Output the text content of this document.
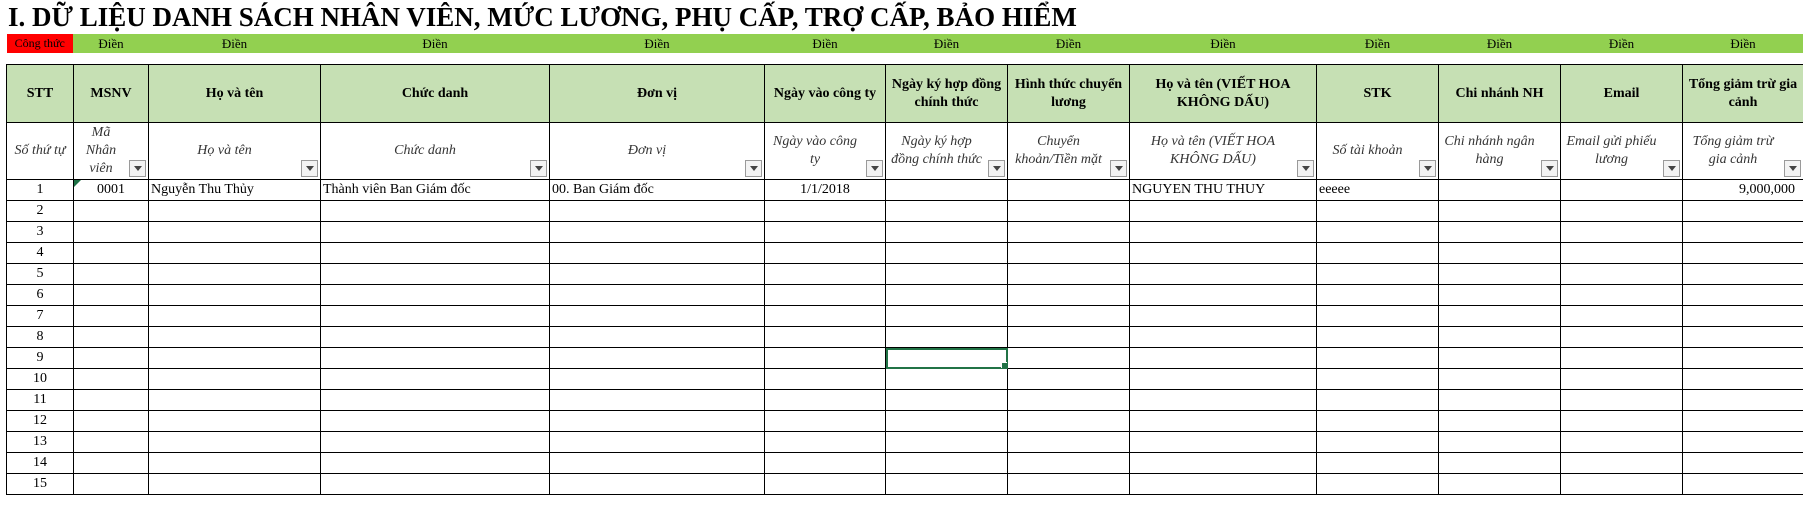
I. DỮ LIỆU DANH SÁCH NHÂN VIÊN, MỨC LƯƠNG, PHỤ CẤP, TRỢ CẤP, BẢO HIỂM
Công thức	Điền	Điền	Điền	Điền	Điền	Điền	Điền	Điền	Điền	Điền	Điền	Điền

STT	MSNV	Họ và tên	Chức danh	Đơn vị	Ngày vào công ty	Ngày ký hợp đồng chính thức	Hình thức chuyển lương	Họ và tên (VIẾT HOA KHÔNG DẤU)	STK	Chi nhánh NH	Email	Tổng giảm trừ gia cảnh

Số thứ tự	Mã Nhân viên	Họ và tên	Chức danh	Đơn vị	Ngày vào công ty	Ngày ký hợp đồng chính thức	Chuyển khoản/Tiền mặt	Họ và tên (VIẾT HOA KHÔNG DẤU)	Số tài khoản	Chi nhánh ngân hàng	Email gửi phiếu lương	Tổng giảm trừ gia cảnh

1	0001	Nguyễn Thu Thủy	Thành viên Ban Giám đốc	00. Ban Giám đốc	1/1/2018			NGUYEN THU THUY	eeeee			9,000,000
2												
3												
4												
5												
6												
7												
8												
9						

10												
11												
12												
13												
14												
15												
